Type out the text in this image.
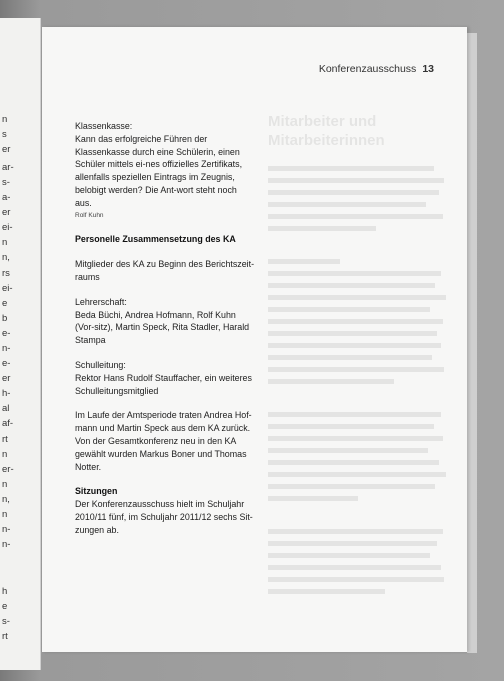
n
s
er
ar-
s-
a-
er
ei-
n
n,
rs
ei-
e
b
e-
n-
e-
er
h-
al
af-
rt
n
er-
n
n,
n
n-
n-
h
e
s-
rt
Konferenzausschuss 13
Mitarbeiter und Mitarbeiterinnen

Klassenkasse:

Kann das erfolgreiche Führen der Klassenkasse durch eine Schülerin, einen Schüler mittels ei-nes offizielles Zertifikats, allenfalls speziellen Eintrags im Zeugnis, belobigt werden? Die Ant-wort steht noch aus.

Rolf Kuhn

Personelle Zusammensetzung des KA

Mitglieder des KA zu Beginn des Berichtszeit-raums

Lehrerschaft:

Beda Büchi, Andrea Hofmann, Rolf Kuhn (Vor-sitz), Martin Speck, Rita Stadler, Harald Stampa

Schulleitung:

Rektor Hans Rudolf Stauffacher, ein weiteres Schulleitungsmitglied

Im Laufe der Amtsperiode traten Andrea Hof-mann und Martin Speck aus dem KA zurück. Von der Gesamtkonferenz neu in den KA gewählt wurden Markus Boner und Thomas Notter.

Sitzungen

Der Konferenzausschuss hielt im Schuljahr 2010/11 fünf, im Schuljahr 2011/12 sechs Sit-zungen ab.
